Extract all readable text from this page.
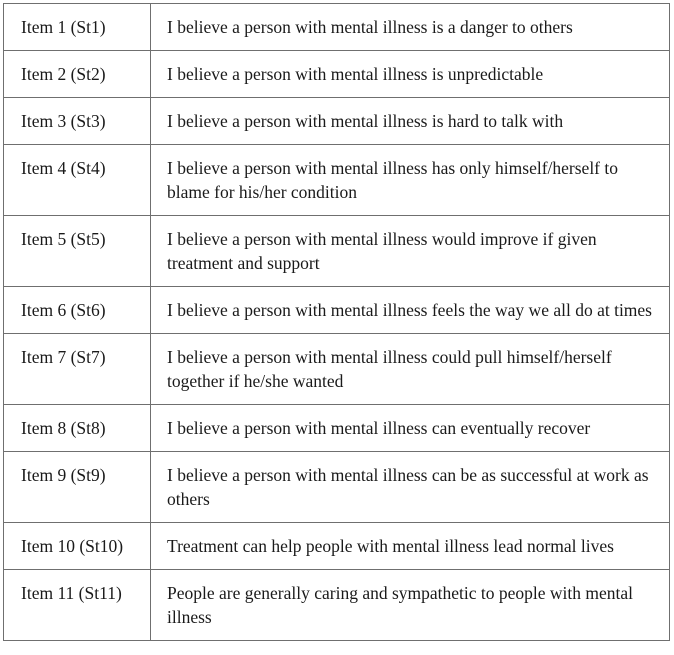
Item 1 (St1)	I believe a person with mental illness is a danger to others
Item 2 (St2)	I believe a person with mental illness is unpredictable
Item 3 (St3)	I believe a person with mental illness is hard to talk with
Item 4 (St4)	I believe a person with mental illness has only himself/herself to blame for his/her condition
Item 5 (St5)	I believe a person with mental illness would improve if given treatment and support
Item 6 (St6)	I believe a person with mental illness feels the way we all do at times
Item 7 (St7)	I believe a person with mental illness could pull himself/herself together if he/she wanted
Item 8 (St8)	I believe a person with mental illness can eventually recover
Item 9 (St9)	I believe a person with mental illness can be as successful at work as others
Item 10 (St10)	Treatment can help people with mental illness lead normal lives
Item 11 (St11)	People are generally caring and sympathetic to people with mental illness
